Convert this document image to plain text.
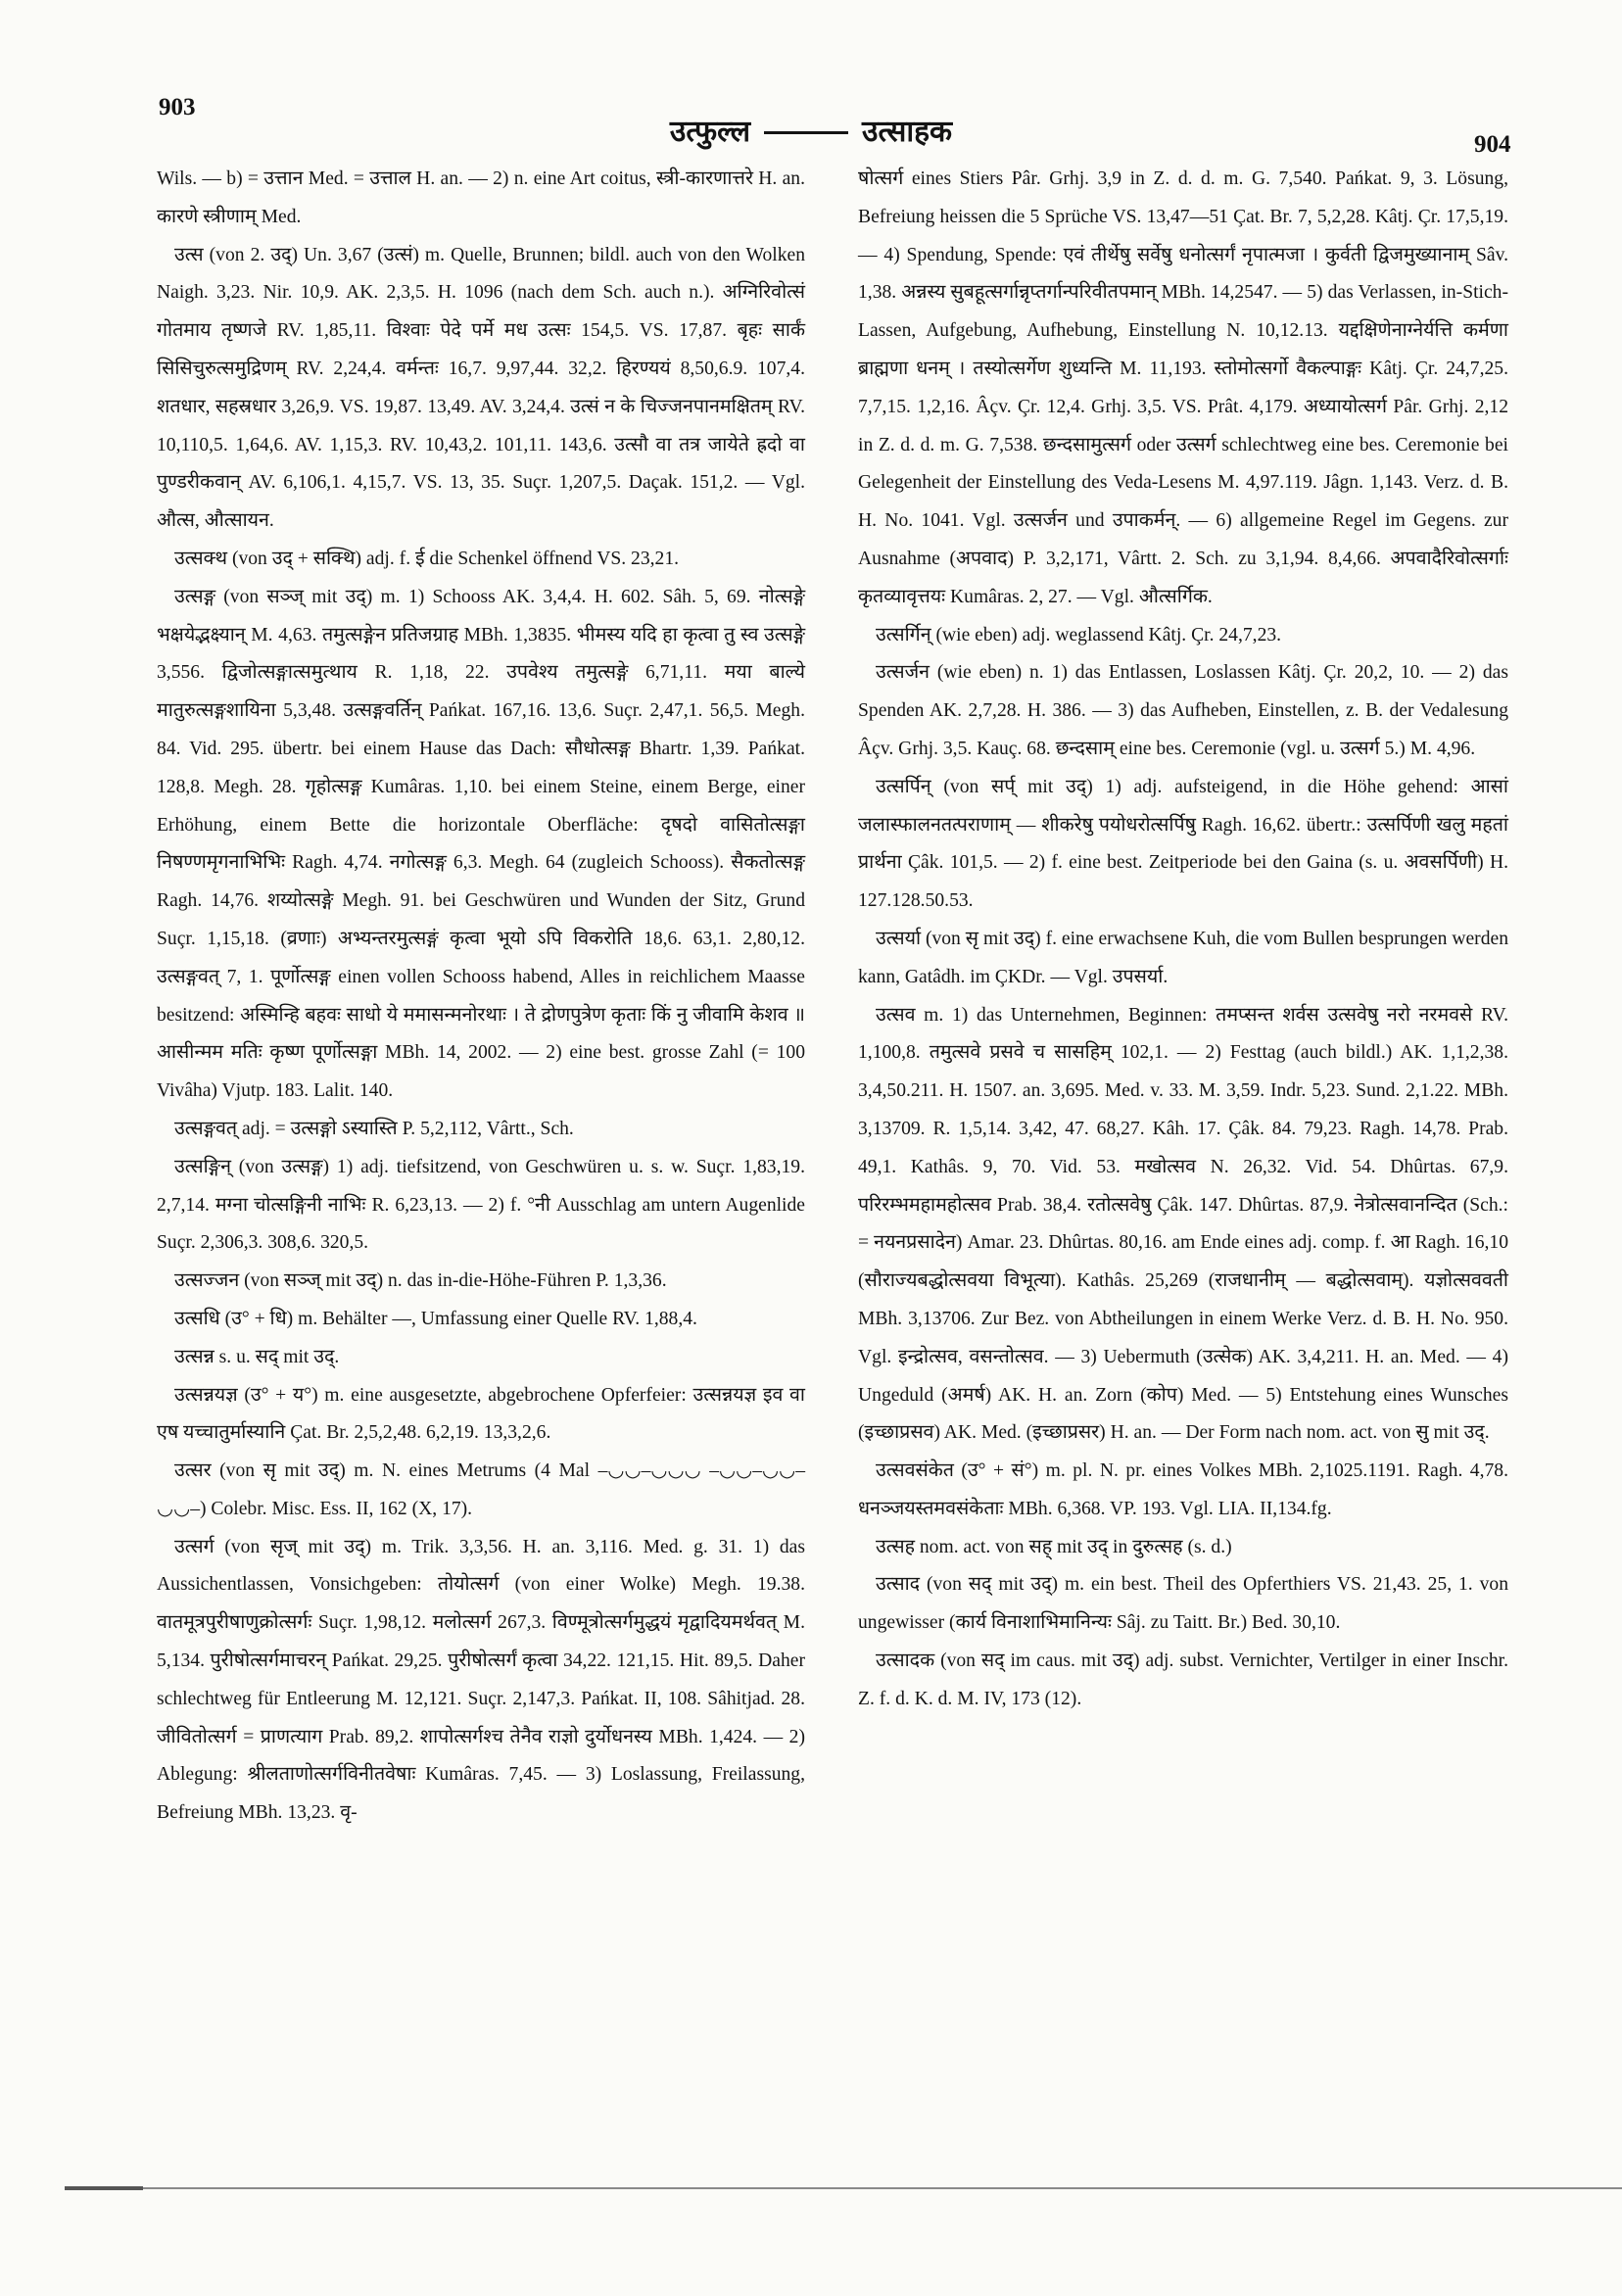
903
उत्फुल्ल	उत्साहक	904

Wils. — b) = उत्तान Med. = उत्ताल H. an. — 2) n. eine Art coitus, स्त्री-कारणात्तरे H. an. कारणे स्त्रीणाम् Med.

उत्स (von 2. उद्) Un. 3,67 (उत्सं) m. Quelle, Brunnen; bildl. auch von den Wolken Naigh. 3,23. Nir. 10,9. AK. 2,3,5. H. 1096 (nach dem Sch. auch n.). अग्निरिवोत्सं गोतमाय तृष्णजे RV. 1,85,11. विश्वाः पेदे पर्मे मध उत्सः 154,5. VS. 17,87. बृहः सार्कं सिसिचुरुत्समुद्रिणम् RV. 2,24,4. वर्मन्तः 16,7. 9,97,44. 32,2. हिरण्ययं 8,50,6.9. 107,4. शतधार, सहस्रधार 3,26,9. VS. 19,87. 13,49. AV. 3,24,4. उत्सं न के चिज्जनपानमक्षितम् RV. 10,110,5. 1,64,6. AV. 1,15,3. RV. 10,43,2. 101,11. 143,6. उत्सौ वा तत्र जायेते ह्रदो वा पुण्डरीकवान् AV. 6,106,1. 4,15,7. VS. 13, 35. Suçr. 1,207,5. Daçak. 151,2. — Vgl. औत्स, औत्सायन.

उत्सक्थ (von उद् + सक्थि) adj. f. ई die Schenkel öffnend VS. 23,21.

उत्सङ्ग (von सञ्ज् mit उद्) m. 1) Schooss AK. 3,4,4. H. 602. Sâh. 5, 69. नोत्सङ्गे भक्षयेद्भक्ष्यान् M. 4,63. तमुत्सङ्गेन प्रतिजग्राह MBh. 1,3835. भीमस्य यदि हा कृत्वा तु स्व उत्सङ्गे 3,556. द्विजोत्सङ्गात्समुत्थाय R. 1,18, 22. उपवेश्य तमुत्सङ्गे 6,71,11. मया बाल्ये मातुरुत्सङ्गशायिना 5,3,48. उत्सङ्गवर्तिन् Pańkat. 167,16. 13,6. Suçr. 2,47,1. 56,5. Megh. 84. Vid. 295. übertr. bei einem Hause das Dach: सौधोत्सङ्ग Bhartr. 1,39. Pańkat. 128,8. Megh. 28. गृहोत्सङ्ग Kumâras. 1,10. bei einem Steine, einem Berge, einer Erhöhung, einem Bette die horizontale Oberfläche: दृषदो वासितोत्सङ्गा निषण्णमृगनाभिभिः Ragh. 4,74. नगोत्सङ्ग 6,3. Megh. 64 (zugleich Schooss). सैकतोत्सङ्ग Ragh. 14,76. शय्योत्सङ्गे Megh. 91. bei Geschwüren und Wunden der Sitz, Grund Suçr. 1,15,18. (व्रणाः) अभ्यन्तरमुत्सङ्गं कृत्वा भूयो ऽपि विकरोति 18,6. 63,1. 2,80,12. उत्सङ्गवत् 7, 1. पूर्णोत्सङ्ग einen vollen Schooss habend, Alles in reichlichem Maasse besitzend: अस्मिन्हि बहवः साधो ये ममासन्मनोरथाः । ते द्रोणपुत्रेण कृताः किं नु जीवामि केशव ॥ आसीन्मम मतिः कृष्ण पूर्णोत्सङ्गा MBh. 14, 2002. — 2) eine best. grosse Zahl (= 100 Vivâha) Vjutp. 183. Lalit. 140.

उत्सङ्गवत् adj. = उत्सङ्गो ऽस्यास्ति P. 5,2,112, Vârtt., Sch.

उत्सङ्गिन् (von उत्सङ्ग) 1) adj. tiefsitzend, von Geschwüren u. s. w. Suçr. 1,83,19. 2,7,14. मग्ना चोत्सङ्गिनी नाभिः R. 6,23,13. — 2) f. °नी Ausschlag am untern Augenlide Suçr. 2,306,3. 308,6. 320,5.

उत्सज्जन (von सञ्ज् mit उद्) n. das in-die-Höhe-Führen P. 1,3,36.

उत्सधि (उ° + धि) m. Behälter —, Umfassung einer Quelle RV. 1,88,4.

उत्सन्न s. u. सद् mit उद्.

उत्सन्नयज्ञ (उ° + य°) m. eine ausgesetzte, abgebrochene Opferfeier: उत्सन्नयज्ञ इव वा एष यच्चातुर्मास्यानि Çat. Br. 2,5,2,48. 6,2,19. 13,3,2,6.

उत्सर (von सृ mit उद्) m. N. eines Metrums (4 Mal ‒◡◡‒◡◡◡ ‒◡◡‒◡◡‒◡◡‒) Colebr. Misc. Ess. II, 162 (X, 17).

उत्सर्ग (von सृज् mit उद्) m. Trik. 3,3,56. H. an. 3,116. Med. g. 31. 1) das Aussichentlassen, Vonsichgeben: तोयोत्सर्ग (von einer Wolke) Megh. 19.38. वातमूत्रपुरीषाणुक्रोत्सर्गः Suçr. 1,98,12. मलोत्सर्ग 267,3. विण्मूत्रोत्सर्गमुद्धयं मृद्वादियमर्थवत् M. 5,134. पुरीषोत्सर्गमाचरन् Pańkat. 29,25. पुरीषोत्सर्गं कृत्वा 34,22. 121,15. Hit. 89,5. Daher schlechtweg für Entleerung M. 12,121. Suçr. 2,147,3. Pańkat. II, 108. Sâhitjad. 28. जीवितोत्सर्ग = प्राणत्याग Prab. 89,2. शापोत्सर्गश्च तेनैव राज्ञो दुर्योधनस्य MBh. 1,424. — 2) Ablegung: श्रीलताणोत्सर्गविनीतवेषाः Kumâras. 7,45. — 3) Loslassung, Freilassung, Befreiung MBh. 13,23. वृ-

षोत्सर्ग eines Stiers Pâr. Grhj. 3,9 in Z. d. d. m. G. 7,540. Pańkat. 9, 3. Lösung, Befreiung heissen die 5 Sprüche VS. 13,47—51 Çat. Br. 7, 5,2,28. Kâtj. Çr. 17,5,19. — 4) Spendung, Spende: एवं तीर्थेषु सर्वेषु धनोत्सर्गं नृपात्मजा । कुर्वती द्विजमुख्यानाम् Sâv. 1,38. अन्नस्य सुबहूत्सर्गान्नृप्तर्गान्परिवीतपमान् MBh. 14,2547. — 5) das Verlassen, in-Stich-Lassen, Aufgebung, Aufhebung, Einstellung N. 10,12.13. यद्दक्षिणेनाग्नेर्यत्ति कर्मणा ब्राह्मणा धनम् । तस्योत्सर्गेण शुध्यन्ति M. 11,193. स्तोमोत्सर्गो वैकल्पाङ्गः Kâtj. Çr. 24,7,25. 7,7,15. 1,2,16. Âçv. Çr. 12,4. Grhj. 3,5. VS. Prât. 4,179. अध्यायोत्सर्ग Pâr. Grhj. 2,12 in Z. d. d. m. G. 7,538. छन्दसामुत्सर्ग oder उत्सर्ग schlechtweg eine bes. Ceremonie bei Gelegenheit der Einstellung des Veda-Lesens M. 4,97.119. Jâgn. 1,143. Verz. d. B. H. No. 1041. Vgl. उत्सर्जन und उपाकर्मन्. — 6) allgemeine Regel im Gegens. zur Ausnahme (अपवाद) P. 3,2,171, Vârtt. 2. Sch. zu 3,1,94. 8,4,66. अपवादैरिवोत्सर्गाः कृतव्यावृत्तयः Kumâras. 2, 27. — Vgl. औत्सर्गिक.

उत्सर्गिन् (wie eben) adj. weglassend Kâtj. Çr. 24,7,23.

उत्सर्जन (wie eben) n. 1) das Entlassen, Loslassen Kâtj. Çr. 20,2, 10. — 2) das Spenden AK. 2,7,28. H. 386. — 3) das Aufheben, Einstellen, z. B. der Vedalesung Âçv. Grhj. 3,5. Kauç. 68. छन्दसाम् eine bes. Ceremonie (vgl. u. उत्सर्ग 5.) M. 4,96.

उत्सर्पिन् (von सर्प् mit उद्) 1) adj. aufsteigend, in die Höhe gehend: आसां जलास्फालनतत्पराणाम् — शीकरेषु पयोधरोत्सर्पिषु Ragh. 16,62. übertr.: उत्सर्पिणी खलु महतां प्रार्थना Çâk. 101,5. — 2) f. eine best. Zeitperiode bei den Gaina (s. u. अवसर्पिणी) H. 127.128.50.53.

उत्सर्या (von सृ mit उद्) f. eine erwachsene Kuh, die vom Bullen besprungen werden kann, Gatâdh. im ÇKDr. — Vgl. उपसर्या.

उत्सव m. 1) das Unternehmen, Beginnen: तमप्सन्त शर्वस उत्सवेषु नरो नरमवसे RV. 1,100,8. तमुत्सवे प्रसवे च सासहिम् 102,1. — 2) Festtag (auch bildl.) AK. 1,1,2,38. 3,4,50.211. H. 1507. an. 3,695. Med. v. 33. M. 3,59. Indr. 5,23. Sund. 2,1.22. MBh. 3,13709. R. 1,5,14. 3,42, 47. 68,27. Kâh. 17. Çâk. 84. 79,23. Ragh. 14,78. Prab. 49,1. Kathâs. 9, 70. Vid. 53. मखोत्सव N. 26,32. Vid. 54. Dhûrtas. 67,9. परिरम्भमहामहोत्सव Prab. 38,4. रतोत्सवेषु Çâk. 147. Dhûrtas. 87,9. नेत्रोत्सवानन्दित (Sch.: = नयनप्रसादेन) Amar. 23. Dhûrtas. 80,16. am Ende eines adj. comp. f. आ Ragh. 16,10 (सौराज्यबद्धोत्सवया विभूत्या). Kathâs. 25,269 (राजधानीम् — बद्धोत्सवाम्). यज्ञोत्सववती MBh. 3,13706. Zur Bez. von Abtheilungen in einem Werke Verz. d. B. H. No. 950. Vgl. इन्द्रोत्सव, वसन्तोत्सव. — 3) Uebermuth (उत्सेक) AK. 3,4,211. H. an. Med. — 4) Ungeduld (अमर्ष) AK. H. an. Zorn (कोप) Med. — 5) Entstehung eines Wunsches (इच्छाप्रसव) AK. Med. (इच्छाप्रसर) H. an. — Der Form nach nom. act. von सु mit उद्.

उत्सवसंकेत (उ° + सं°) m. pl. N. pr. eines Volkes MBh. 2,1025.1191. Ragh. 4,78. धनञ्जयस्तमवसंकेताः MBh. 6,368. VP. 193. Vgl. LIA. II,134.fg.

उत्सह nom. act. von सह् mit उद् in दुरुत्सह (s. d.)

उत्साद (von सद् mit उद्) m. ein best. Theil des Opferthiers VS. 21,43. 25, 1. von ungewisser (कार्य विनाशाभिमानिन्यः Sâj. zu Taitt. Br.) Bed. 30,10.

उत्सादक (von सद् im caus. mit उद्) adj. subst. Vernichter, Vertilger in einer Inschr. Z. f. d. K. d. M. IV, 173 (12).
